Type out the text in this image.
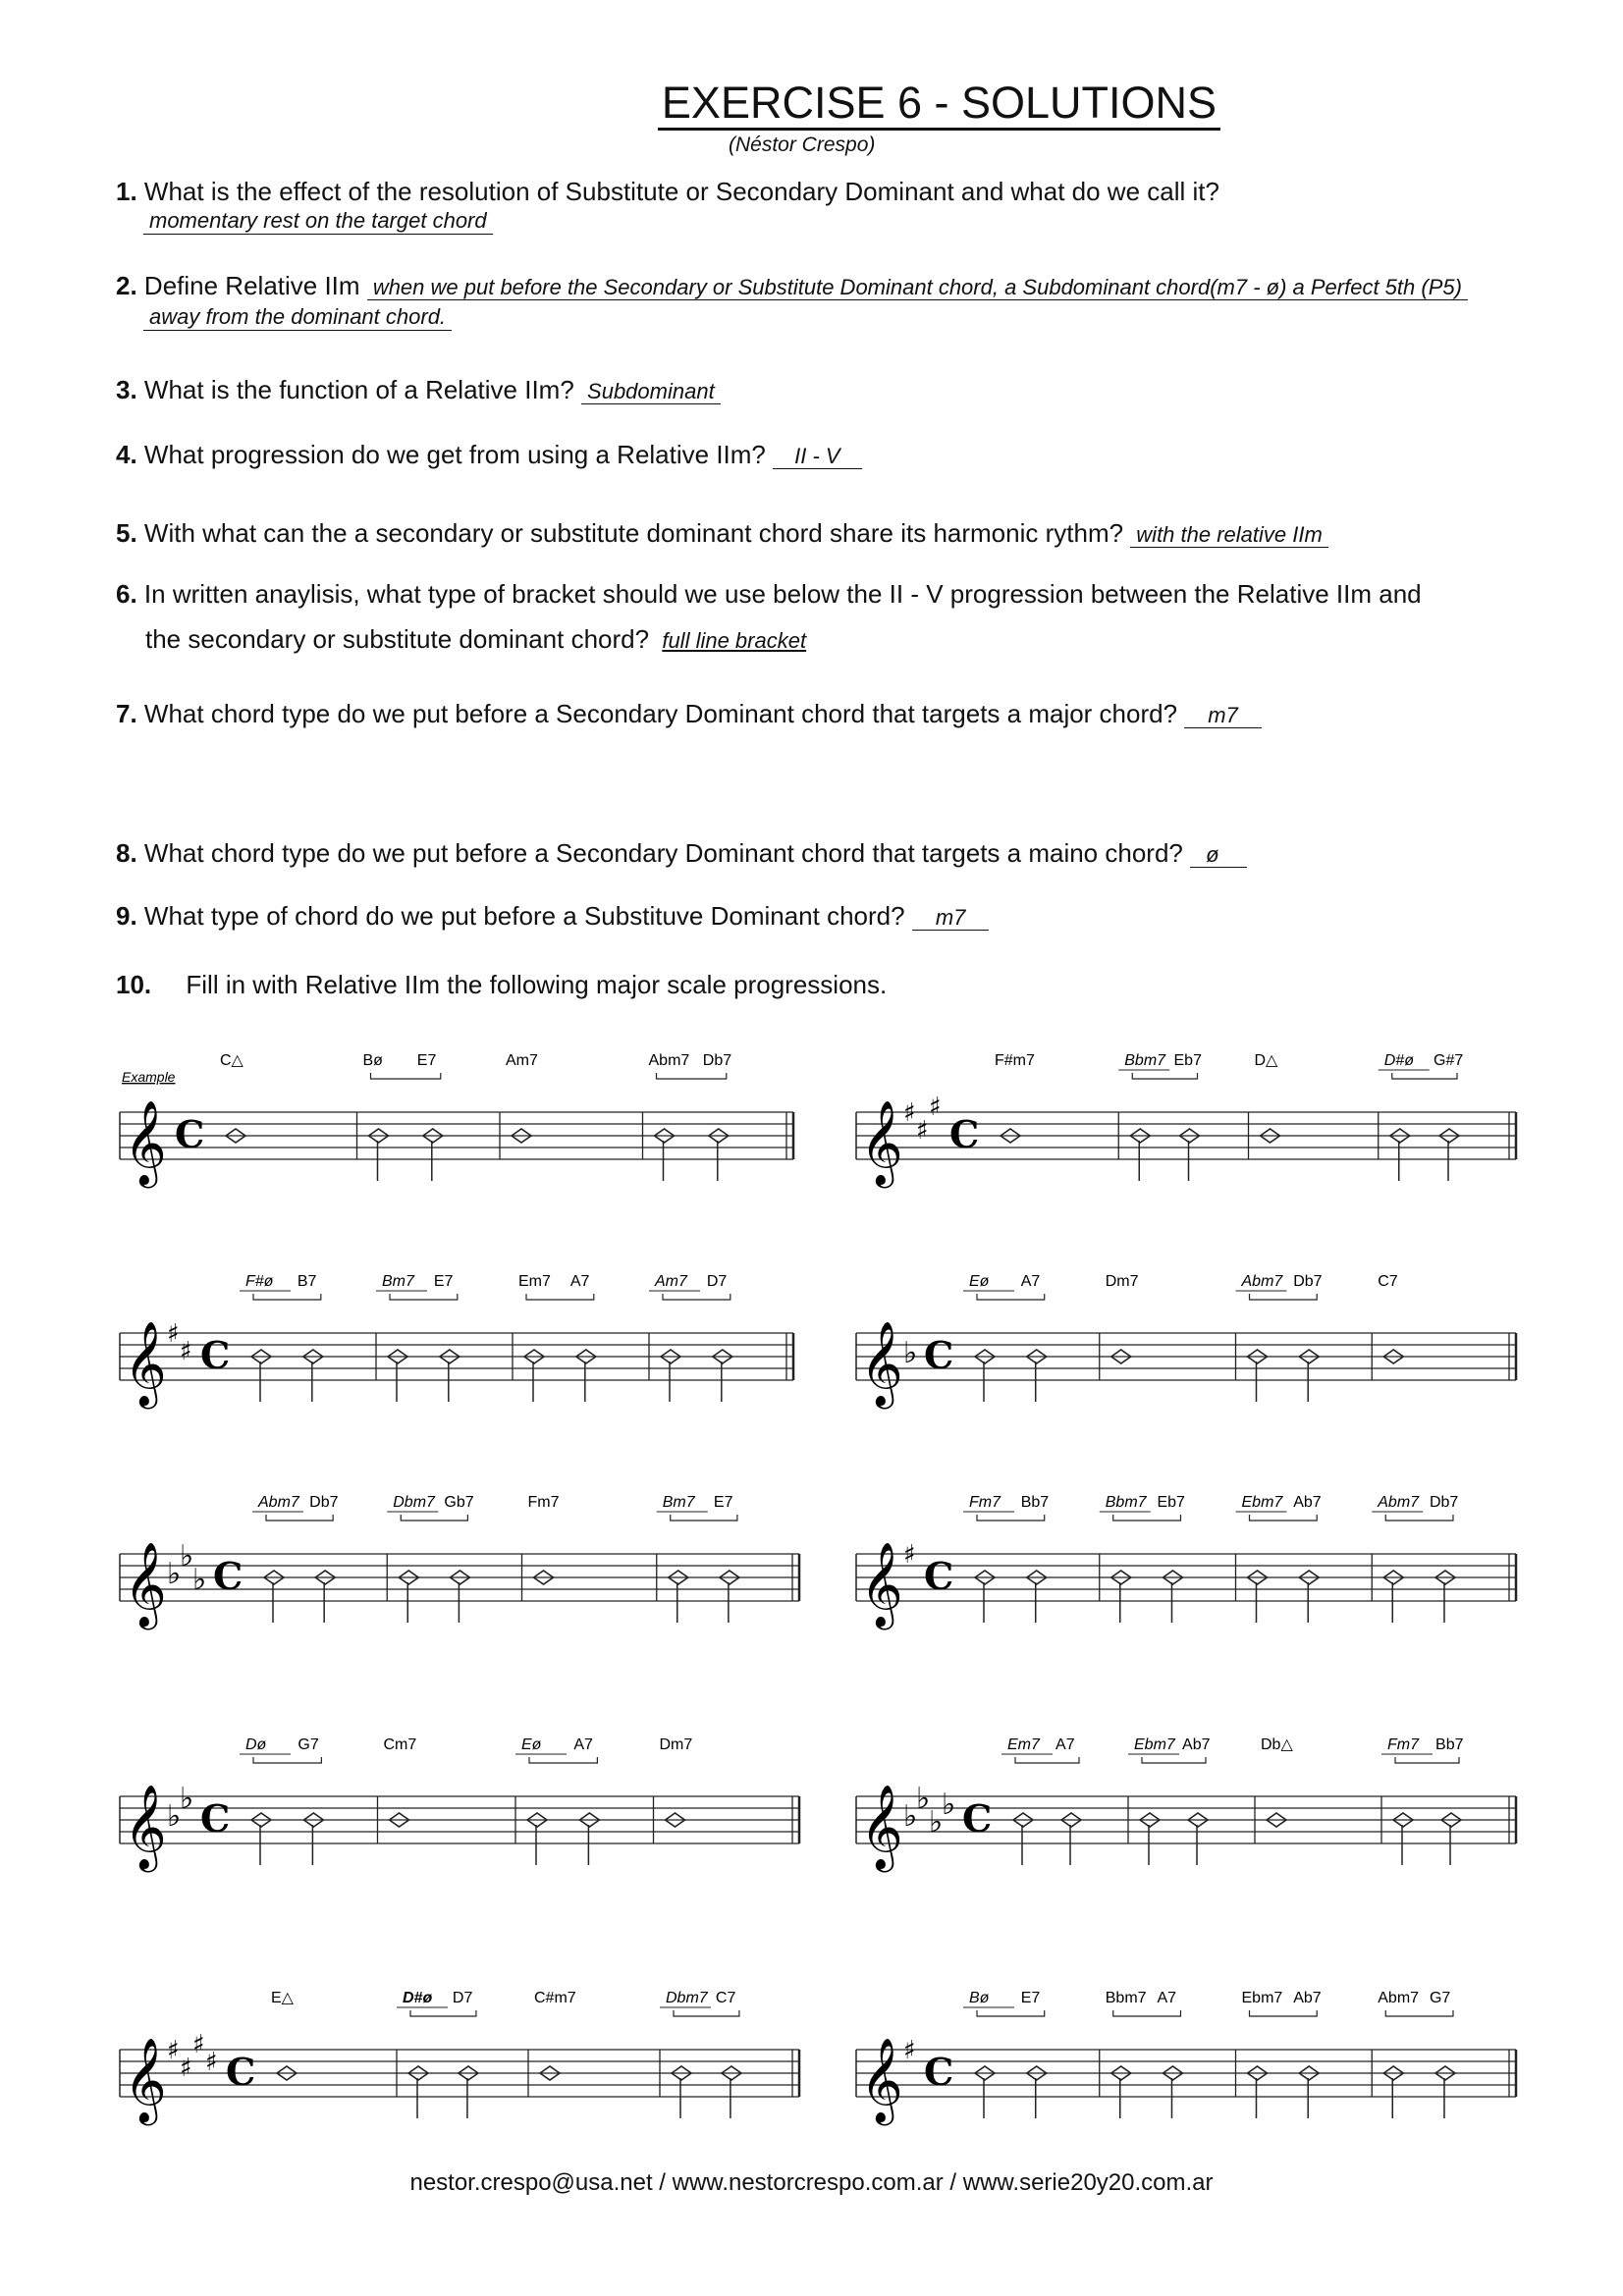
EXERCISE 6 - SOLUTIONS
(Néstor Crespo)
1. What is the effect of the resolution of Substitute or Secondary Dominant and what do we call it?
momentary rest on the target chord
2. Define Relative IIm when we put before the Secondary or Substitute Dominant chord, a Subdominant chord(m7 - ø) a Perfect 5th (P5)
away from the dominant chord.
3. What is the function of a Relative IIm? Subdominant
4. What progression do we get from using a Relative IIm? II - V
5. With what can the a secondary or substitute dominant chord share its harmonic rythm? with the relative IIm
6. In written anaylisis, what type of bracket should we use below the II - V progression between the Relative IIm and
the secondary or substitute dominant chord? full line bracket
7. What chord type do we put before a Secondary Dominant chord that targets a major chord? m7
8. What chord type do we put before a Secondary Dominant chord that targets a maino chord? ø
9. What type of chord do we put before a Substituve Dominant chord? m7
10. Fill in with Relative IIm the following major scale progressions.
Example
𝄞 C
C△	Bø E7	Am7	Abm7 Db7
𝄞 ♯
♯
♯
C
F#m7	Bbm7 Eb7	D△	D#ø G#7
𝄞 ♯
♯ C
F#ø B7	Bm7 E7	Em7 A7	Am7 D7
𝄞 ♭ C
Eø A7	Dm7	Abm7 Db7	C7
𝄞 ♭
♭
♭ C
Abm7 Db7	Dbm7 Gb7	Fm7	Bm7 E7
𝄞 ♯ C
Fm7 Bb7	Bbm7 Eb7	Ebm7 Ab7	Abm7 Db7
𝄞 ♭
♭ C
Dø G7	Cm7	Eø A7	Dm7
𝄞 ♭
♭
♭
♭ C
Em7 A7	Ebm7 Ab7	Db△	Fm7 Bb7
𝄞 ♯
♯
♯
♯ C
E△	D#ø D7	C#m7	Dbm7 C7
𝄞 ♯ C
Bø E7	Bbm7 A7	Ebm7 Ab7	Abm7 G7
nestor.crespo@usa.net / www.nestorcrespo.com.ar / www.serie20y20.com.ar
